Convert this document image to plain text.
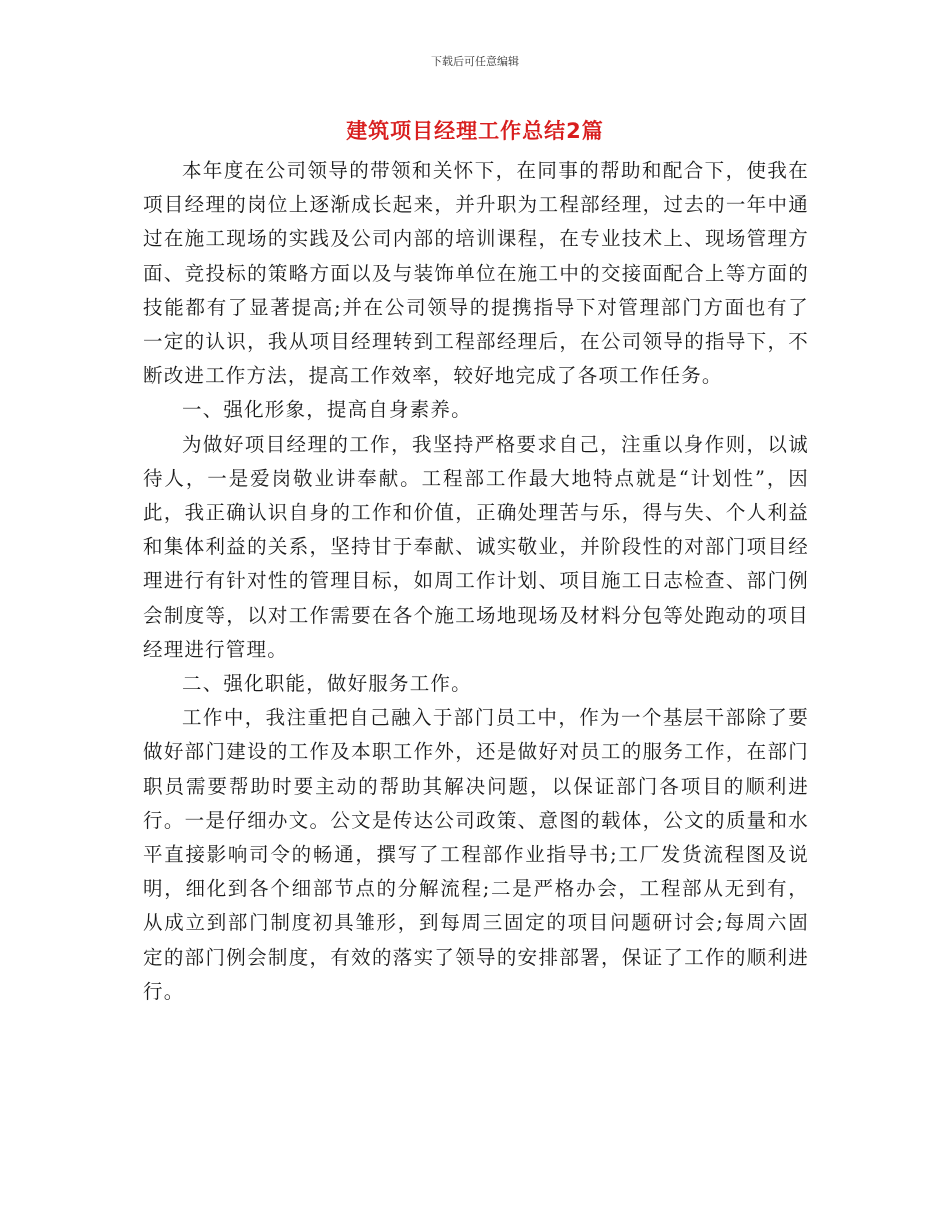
下载后可任意编辑
建筑项目经理工作总结2篇

本年度在公司领导的带领和关怀下，在同事的帮助和配合下，使我在项目经理的岗位上逐渐成长起来，并升职为工程部经理，过去的一年中通过在施工现场的实践及公司内部的培训课程，在专业技术上、现场管理方面、竞投标的策略方面以及与装饰单位在施工中的交接面配合上等方面的技能都有了显著提高;并在公司领导的提携指导下对管理部门方面也有了一定的认识，我从项目经理转到工程部经理后，在公司领导的指导下，不断改进工作方法，提高工作效率，较好地完成了各项工作任务。

一、强化形象，提高自身素养。

为做好项目经理的工作，我坚持严格要求自己，注重以身作则，以诚待人，一是爱岗敬业讲奉献。工程部工作最大地特点就是“计划性”，因此，我正确认识自身的工作和价值，正确处理苦与乐，得与失、个人利益和集体利益的关系，坚持甘于奉献、诚实敬业，并阶段性的对部门项目经理进行有针对性的管理目标，如周工作计划、项目施工日志检查、部门例会制度等，以对工作需要在各个施工场地现场及材料分包等处跑动的项目经理进行管理。

二、强化职能，做好服务工作。

工作中，我注重把自己融入于部门员工中，作为一个基层干部除了要做好部门建设的工作及本职工作外，还是做好对员工的服务工作，在部门职员需要帮助时要主动的帮助其解决问题，以保证部门各项目的顺利进行。一是仔细办文。公文是传达公司政策、意图的载体，公文的质量和水平直接影响司令的畅通，撰写了工程部作业指导书;工厂发货流程图及说明，细化到各个细部节点的分解流程;二是严格办会，工程部从无到有，从成立到部门制度初具雏形，到每周三固定的项目问题研讨会;每周六固定的部门例会制度，有效的落实了领导的安排部署，保证了工作的顺利进行。
